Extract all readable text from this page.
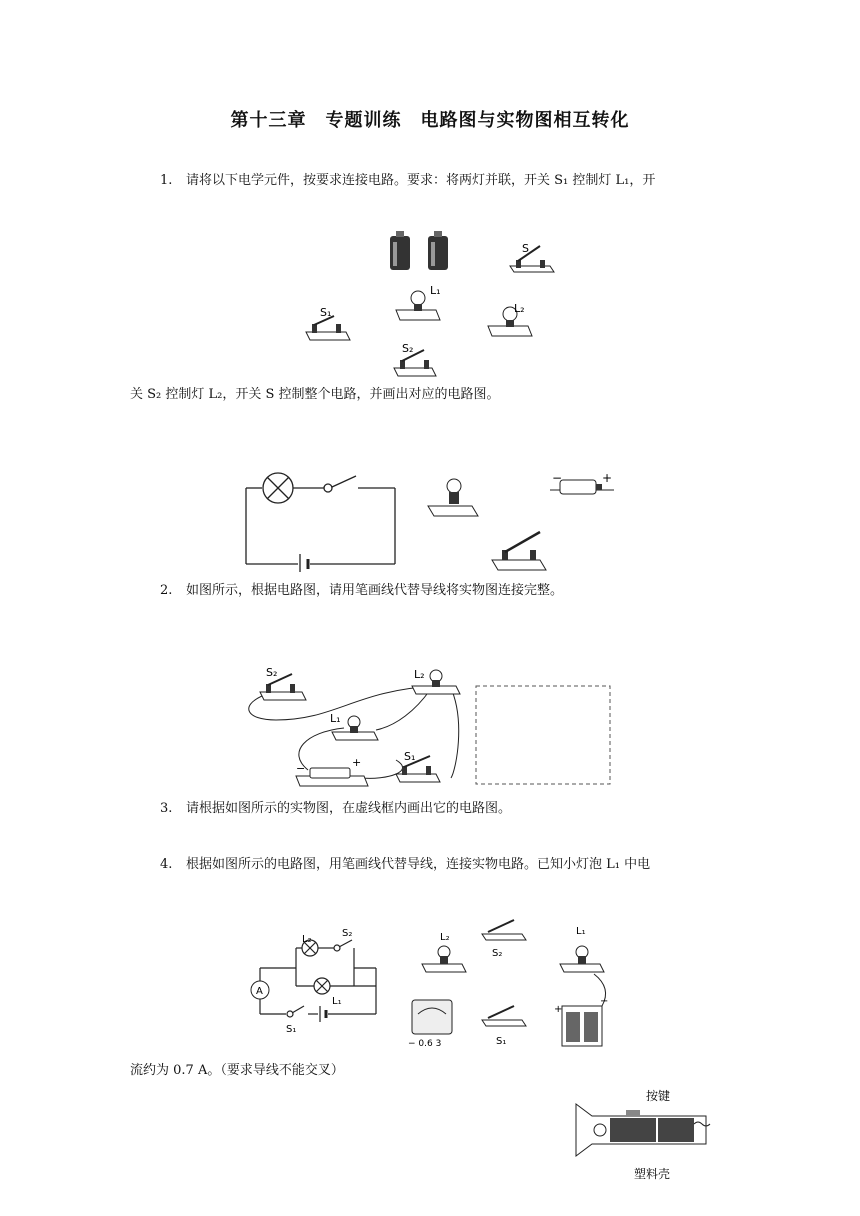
第十三章　专题训练　电路图与实物图相互转化
1. 请将以下电学元件，按要求连接电路。要求：将两灯并联，开关 S₁ 控制灯 L₁，开
S
S₁
L₁
L₂
S₂
关 S₂ 控制灯 L₂，开关 S 控制整个电路，并画出对应的电路图。
−	+
2. 如图所示，根据电路图，请用笔画线代替导线将实物图连接完整。
S₂	L₂
L₁
S₁
−	+
3. 请根据如图所示的实物图，在虚线框内画出它的电路图。
4. 根据如图所示的电路图，用笔画线代替导线，连接实物电路。已知小灯泡 L₁ 中电
A
L₂
S₂
L₁
S₁
L₂
S₂
L₁
− 0.6 3	S₁
+
−
流约为 0.7 A。（要求导线不能交叉）
按键
塑料壳
